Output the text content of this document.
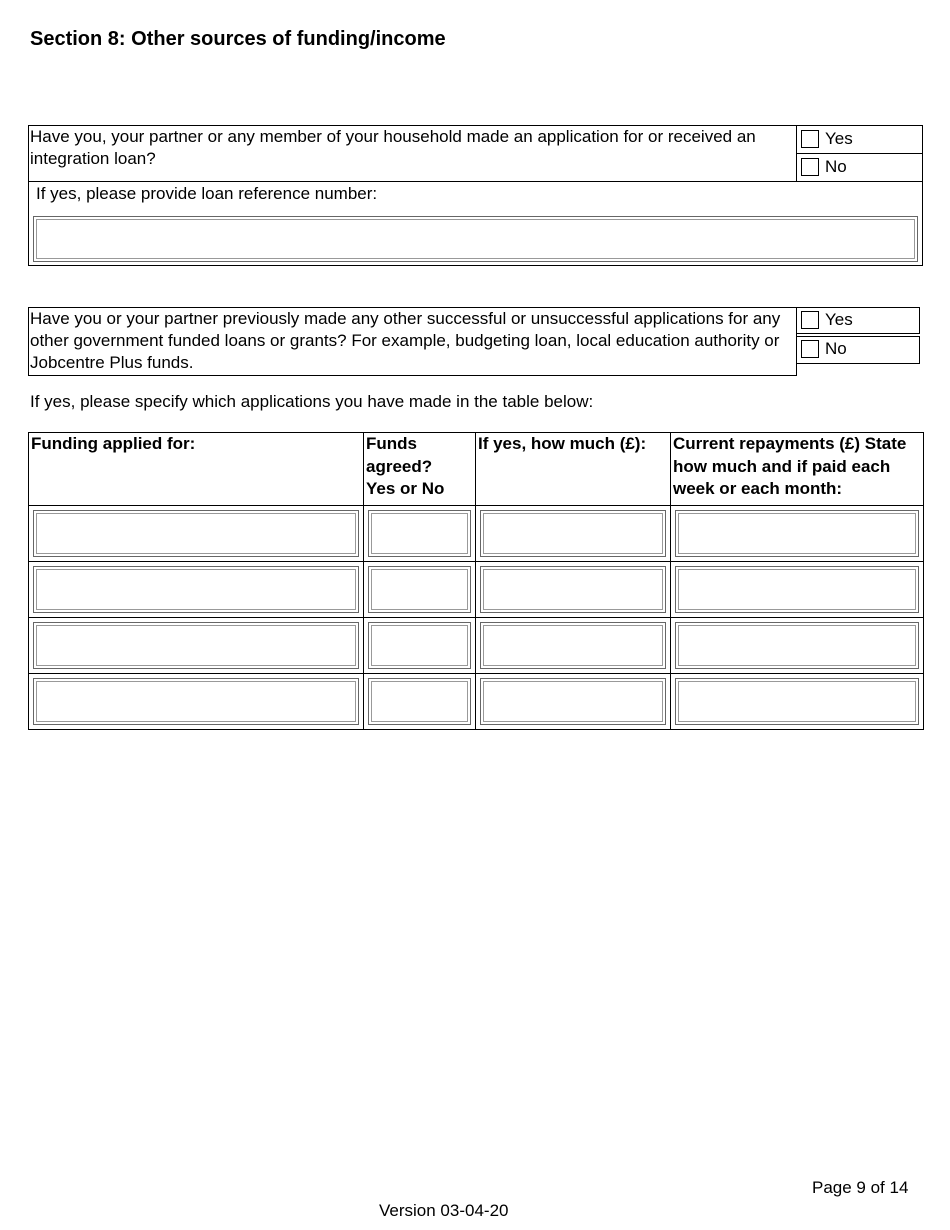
Section 8: Other sources of funding/income
Have you, your partner or any member of your household made an application for or received an integration loan?
Yes
No
If yes, please provide loan reference number:
Have you or your partner previously made any other successful or unsuccessful applications for any other government funded loans or grants? For example, budgeting loan, local education authority or Jobcentre Plus funds.
Yes
No
If yes, please specify which applications you have made in the table below:
Funding applied for:	Funds agreed? Yes or No	If yes, how much (£):	Current repayments (£) State how much and if paid each week or each month:

Page 9 of 14
Version 03-04-20
